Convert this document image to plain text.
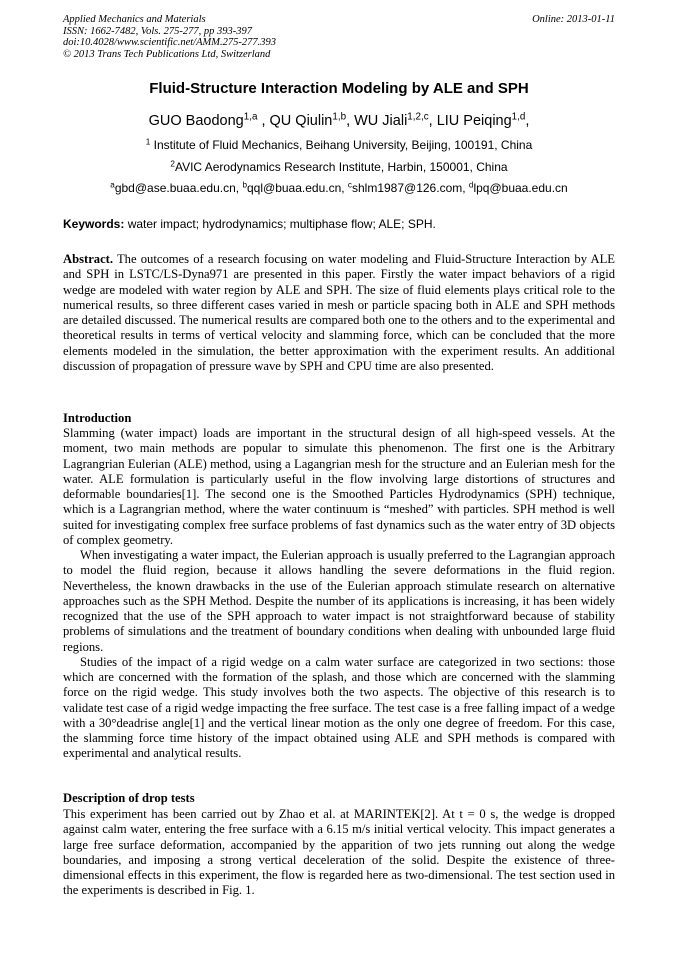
Applied Mechanics and Materials
ISSN: 1662-7482, Vols. 275-277, pp 393-397
doi:10.4028/www.scientific.net/AMM.275-277.393
© 2013 Trans Tech Publications Ltd, Switzerland
Online: 2013-01-11
Fluid-Structure Interaction Modeling by ALE and SPH
GUO Baodong$^{1,a}$ , QU Qiulin$^{1,b}$, WU Jiali$^{1,2,c}$, LIU Peiqing$^{1,d}$,
$^1$ Institute of Fluid Mechanics, Beihang University, Beijing, 100191, China
$^2$AVIC Aerodynamics Research Institute, Harbin, 150001, China
$^a$gbd@ase.buaa.edu.cn, $^b$qql@buaa.edu.cn, $^c$shlm1987@126.com, $^d$lpq@buaa.edu.cn
Keywords: water impact; hydrodynamics; multiphase flow; ALE; SPH.

Abstract. The outcomes of a research focusing on water modeling and Fluid-Structure Interaction by ALE and SPH in LSTC/LS-Dyna971 are presented in this paper. Firstly the water impact behaviors of a rigid wedge are modeled with water region by ALE and SPH. The size of fluid elements plays critical role to the numerical results, so three different cases varied in mesh or particle spacing both in ALE and SPH methods are detailed discussed. The numerical results are compared both one to the others and to the experimental and theoretical results in terms of vertical velocity and slamming force, which can be concluded that the more elements modeled in the simulation, the better approximation with the experiment results. An additional discussion of propagation of pressure wave by SPH and CPU time are also presented.

Introduction

Slamming (water impact) loads are important in the structural design of all high-speed vessels. At the moment, two main methods are popular to simulate this phenomenon. The first one is the Arbitrary Lagrangrian Eulerian (ALE) method, using a Lagangrian mesh for the structure and an Eulerian mesh for the water. ALE formulation is particularly useful in the flow involving large distortions of structures and deformable boundaries[1]. The second one is the Smoothed Particles Hydrodynamics (SPH) technique, which is a Lagrangrian method, where the water continuum is “meshed” with particles. SPH method is well suited for investigating complex free surface problems of fast dynamics such as the water entry of 3D objects of complex geometry.

When investigating a water impact, the Eulerian approach is usually preferred to the Lagrangian approach to model the fluid region, because it allows handling the severe deformations in the fluid region. Nevertheless, the known drawbacks in the use of the Eulerian approach stimulate research on alternative approaches such as the SPH Method. Despite the number of its applications is increasing, it has been widely recognized that the use of the SPH approach to water impact is not straightforward because of stability problems of simulations and the treatment of boundary conditions when dealing with unbounded large fluid regions.

Studies of the impact of a rigid wedge on a calm water surface are categorized in two sections: those which are concerned with the formation of the splash, and those which are concerned with the slamming force on the rigid wedge. This study involves both the two aspects. The objective of this research is to validate test case of a rigid wedge impacting the free surface. The test case is a free falling impact of a wedge with a 30°deadrise angle[1] and the vertical linear motion as the only one degree of freedom. For this case, the slamming force time history of the impact obtained using ALE and SPH methods is compared with experimental and analytical results.

Description of drop tests

This experiment has been carried out by Zhao et al. at MARINTEK[2]. At t = 0 s, the wedge is dropped against calm water, entering the free surface with a 6.15 m/s initial vertical velocity. This impact generates a large free surface deformation, accompanied by the apparition of two jets running out along the wedge boundaries, and imposing a strong vertical deceleration of the solid. Despite the existence of three-dimensional effects in this experiment, the flow is regarded here as two-dimensional. The test section used in the experiments is described in Fig. 1.
